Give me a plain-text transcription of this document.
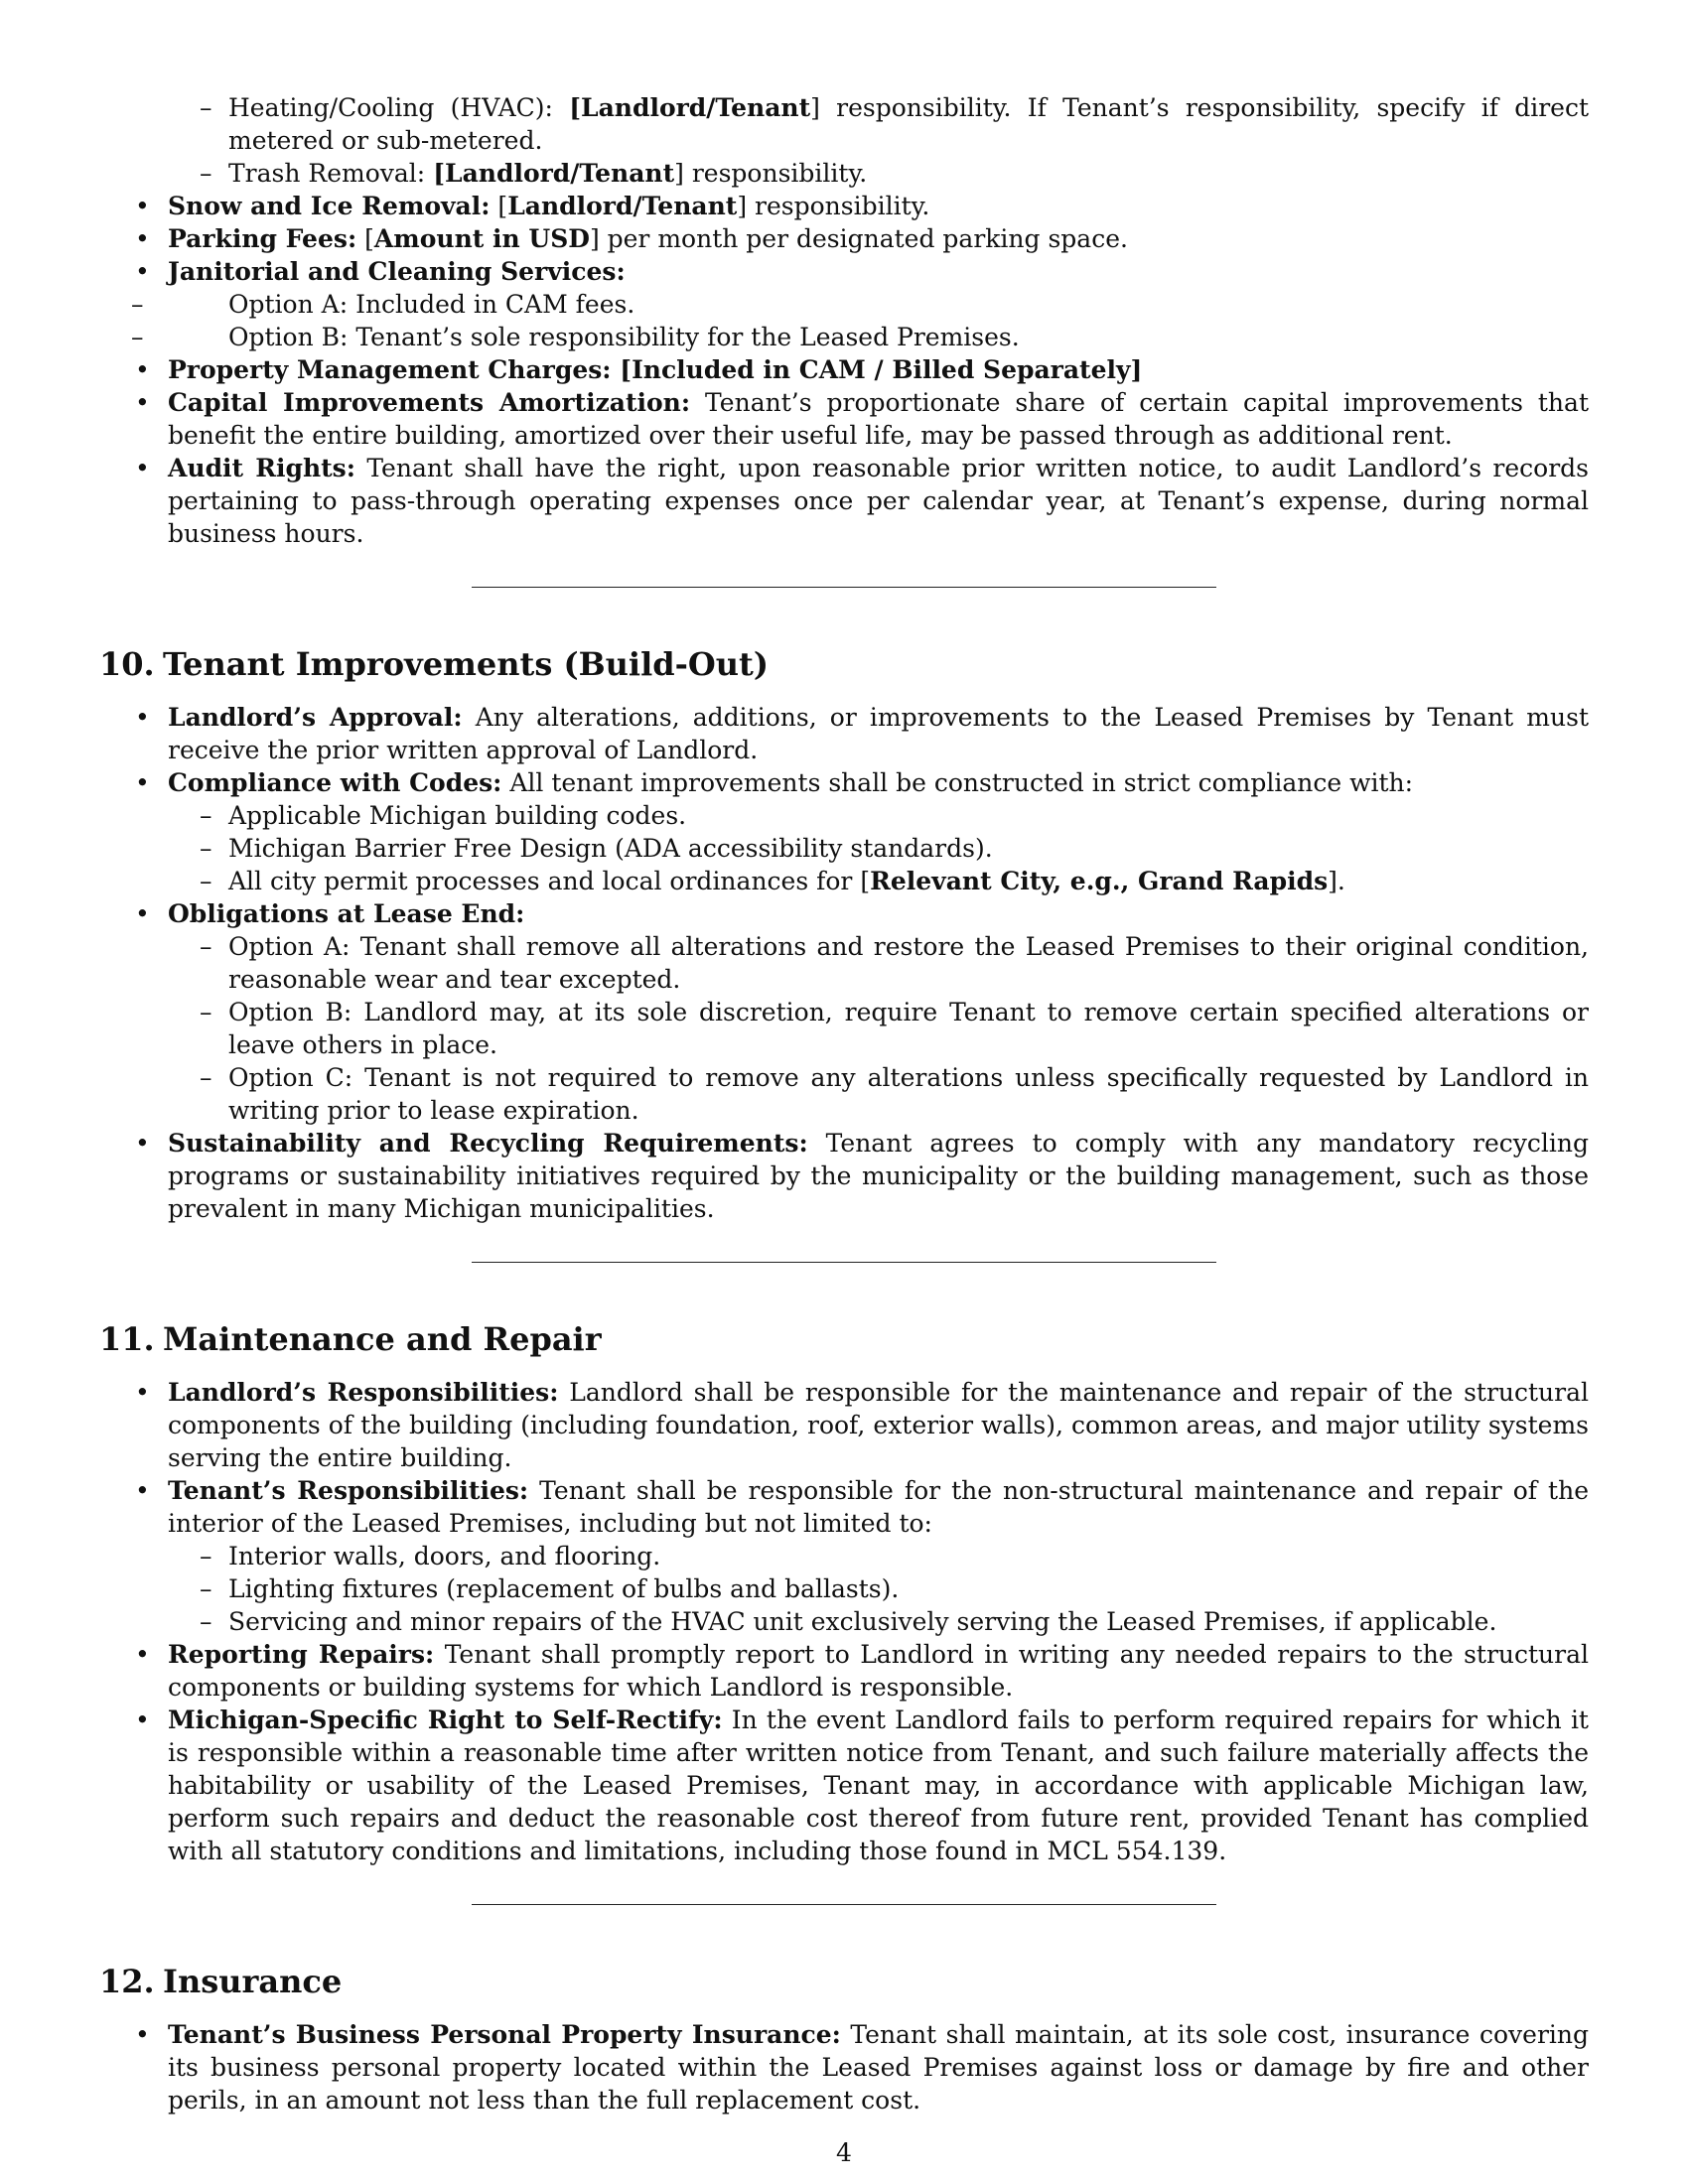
– Heating/Cooling (HVAC): [Landlord/Tenant] responsibility. If Tenant’s responsibility, specify if direct metered or sub-metered.
– Trash Removal: [Landlord/Tenant] responsibility.
• Snow and Ice Removal: [Landlord/Tenant] responsibility.
• Parking Fees: [Amount in USD] per month per designated parking space.
• Janitorial and Cleaning Services:
– Option A: Included in CAM fees.
– Option B: Tenant’s sole responsibility for the Leased Premises.
• Property Management Charges: [Included in CAM / Billed Separately]
• Capital Improvements Amortization: Tenant’s proportionate share of certain capital improvements that benefit the entire building, amortized over their useful life, may be passed through as additional rent.
• Audit Rights: Tenant shall have the right, upon reasonable prior written notice, to audit Landlord’s records pertaining to pass-through operating expenses once per calendar year, at Tenant’s expense, during normal business hours.
10. Tenant Improvements (Build-Out)
• Landlord’s Approval: Any alterations, additions, or improvements to the Leased Premises by Tenant must receive the prior written approval of Landlord.
• Compliance with Codes: All tenant improvements shall be constructed in strict compliance with:
– Applicable Michigan building codes.
– Michigan Barrier Free Design (ADA accessibility standards).
– All city permit processes and local ordinances for [Relevant City, e.g., Grand Rapids].
• Obligations at Lease End:
– Option A: Tenant shall remove all alterations and restore the Leased Premises to their original condition, reasonable wear and tear excepted.
– Option B: Landlord may, at its sole discretion, require Tenant to remove certain specified alterations or leave others in place.
– Option C: Tenant is not required to remove any alterations unless specifically requested by Landlord in writing prior to lease expiration.
• Sustainability and Recycling Requirements: Tenant agrees to comply with any mandatory recycling programs or sustainability initiatives required by the municipality or the building management, such as those prevalent in many Michigan municipalities.
11. Maintenance and Repair
• Landlord’s Responsibilities: Landlord shall be responsible for the maintenance and repair of the structural components of the building (including foundation, roof, exterior walls), common areas, and major utility systems serving the entire building.
• Tenant’s Responsibilities: Tenant shall be responsible for the non-structural maintenance and repair of the interior of the Leased Premises, including but not limited to:
– Interior walls, doors, and flooring.
– Lighting fixtures (replacement of bulbs and ballasts).
– Servicing and minor repairs of the HVAC unit exclusively serving the Leased Premises, if applicable.
• Reporting Repairs: Tenant shall promptly report to Landlord in writing any needed repairs to the structural components or building systems for which Landlord is responsible.
• Michigan-Specific Right to Self-Rectify: In the event Landlord fails to perform required repairs for which it is responsible within a reasonable time after written notice from Tenant, and such failure materially affects the habitability or usability of the Leased Premises, Tenant may, in accordance with applicable Michigan law, perform such repairs and deduct the reasonable cost thereof from future rent, provided Tenant has complied with all statutory conditions and limitations, including those found in MCL 554.139.
12. Insurance
• Tenant’s Business Personal Property Insurance: Tenant shall maintain, at its sole cost, insurance covering its business personal property located within the Leased Premises against loss or damage by fire and other perils, in an amount not less than the full replacement cost.
4
